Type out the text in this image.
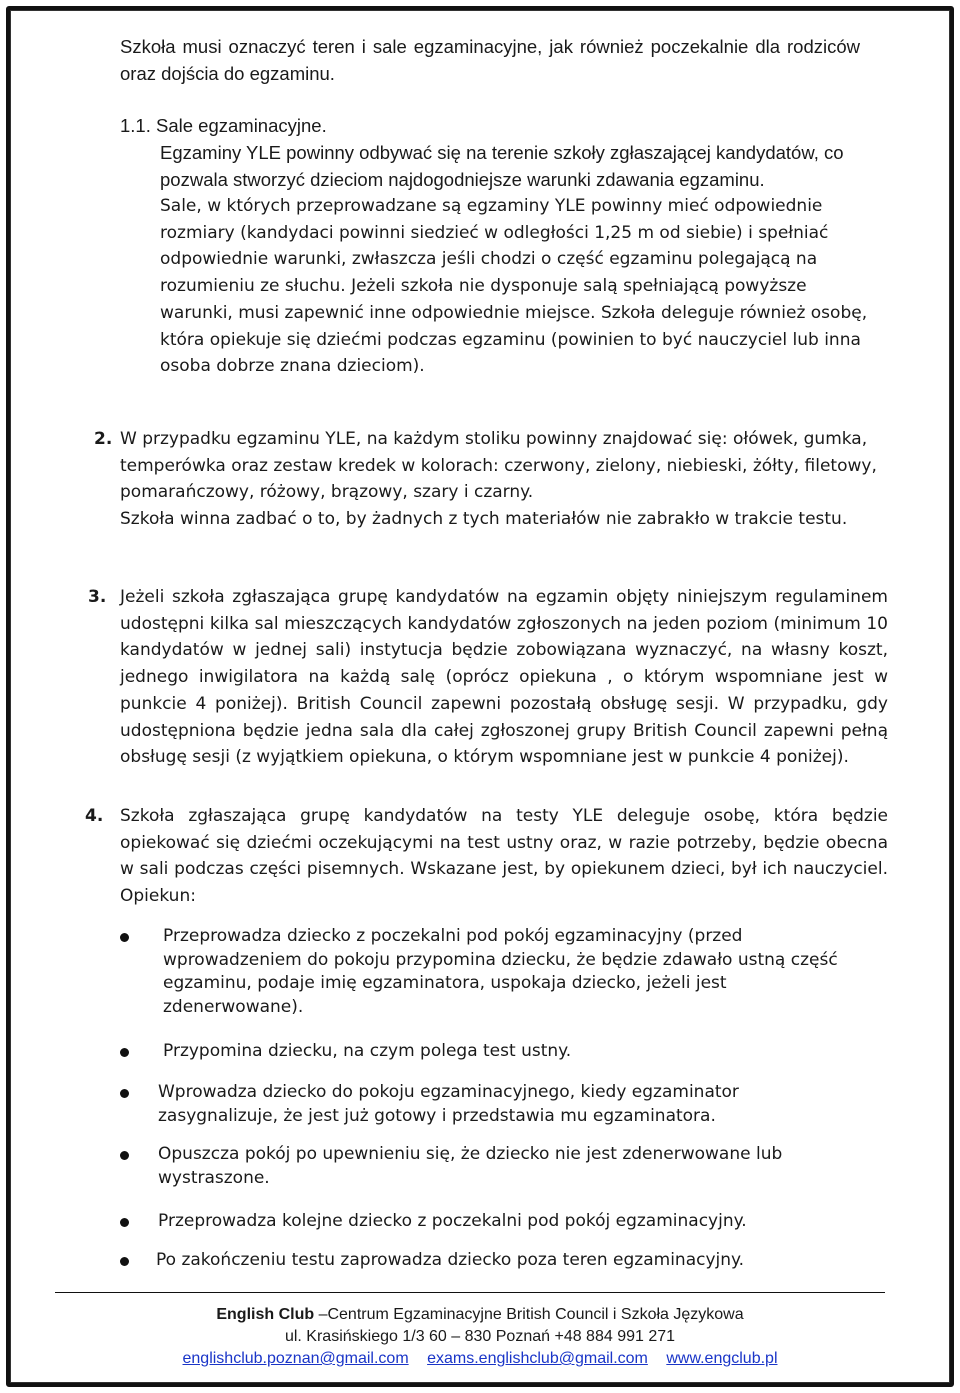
Szkoła musi oznaczyć teren i sale egzaminacyjne, jak również poczekalnie dla rodziców oraz dojścia do egzaminu.
1.1. Sale egzaminacyjne.
Egzaminy YLE powinny odbywać się na terenie szkoły zgłaszającej kandydatów, co pozwala stworzyć dzieciom najdogodniejsze warunki zdawania egzaminu.
Sale, w których przeprowadzane są egzaminy YLE powinny mieć odpowiednie rozmiary (kandydaci powinni siedzieć w odległości 1,25 m od siebie) i spełniać odpowiednie warunki, zwłaszcza jeśli chodzi o część egzaminu polegającą na rozumieniu ze słuchu. Jeżeli szkoła nie dysponuje salą spełniającą powyższe warunki, musi zapewnić inne odpowiednie miejsce. Szkoła deleguje również osobę, która opiekuje się dziećmi podczas egzaminu (powinien to być nauczyciel lub inna osoba dobrze znana dzieciom).
2. W przypadku egzaminu YLE, na każdym stoliku powinny znajdować się: ołówek, gumka, temperówka oraz zestaw kredek w kolorach: czerwony, zielony, niebieski, żółty, filetowy, pomarańczowy, różowy, brązowy, szary i czarny.
Szkoła winna zadbać o to, by żadnych z tych materiałów nie zabrakło w trakcie testu.
3. Jeżeli szkoła zgłaszająca grupę kandydatów na egzamin objęty niniejszym regulaminem udostępni kilka sal mieszczących kandydatów zgłoszonych na jeden poziom (minimum 10 kandydatów w jednej sali) instytucja będzie zobowiązana wyznaczyć, na własny koszt, jednego inwigilatora na każdą salę (oprócz opiekuna , o którym wspomniane jest w punkcie 4 poniżej). British Council zapewni pozostałą obsługę sesji. W przypadku, gdy udostępniona będzie jedna sala dla całej zgłoszonej grupy British Council zapewni pełną obsługę sesji (z wyjątkiem opiekuna, o którym wspomniane jest w punkcie 4 poniżej).
4. Szkoła zgłaszająca grupę kandydatów na testy YLE deleguje osobę, która będzie opiekować się dziećmi oczekującymi na test ustny oraz, w razie potrzeby, będzie obecna w sali podczas części pisemnych. Wskazane jest, by opiekunem dzieci, był ich nauczyciel. Opiekun:
Przeprowadza dziecko z poczekalni pod pokój egzaminacyjny (przed wprowadzeniem do pokoju przypomina dziecku, że będzie zdawało ustną część egzaminu, podaje imię egzaminatora, uspokaja dziecko, jeżeli jest zdenerwowane).
Przypomina dziecku, na czym polega test ustny.
Wprowadza dziecko do pokoju egzaminacyjnego, kiedy egzaminator zasygnalizuje, że jest już gotowy i przedstawia mu egzaminatora.
Opuszcza pokój po upewnieniu się, że dziecko nie jest zdenerwowane lub wystraszone.
Przeprowadza kolejne dziecko z poczekalni pod pokój egzaminacyjny.
Po zakończeniu testu zaprowadza dziecko poza teren egzaminacyjny.
English Club –Centrum Egzaminacyjne British Council i Szkoła Językowa
ul. Krasińskiego 1/3 60 – 830 Poznań +48 884 991 271
englishclub.poznan@gmail.com exams.englishclub@gmail.com www.engclub.pl
